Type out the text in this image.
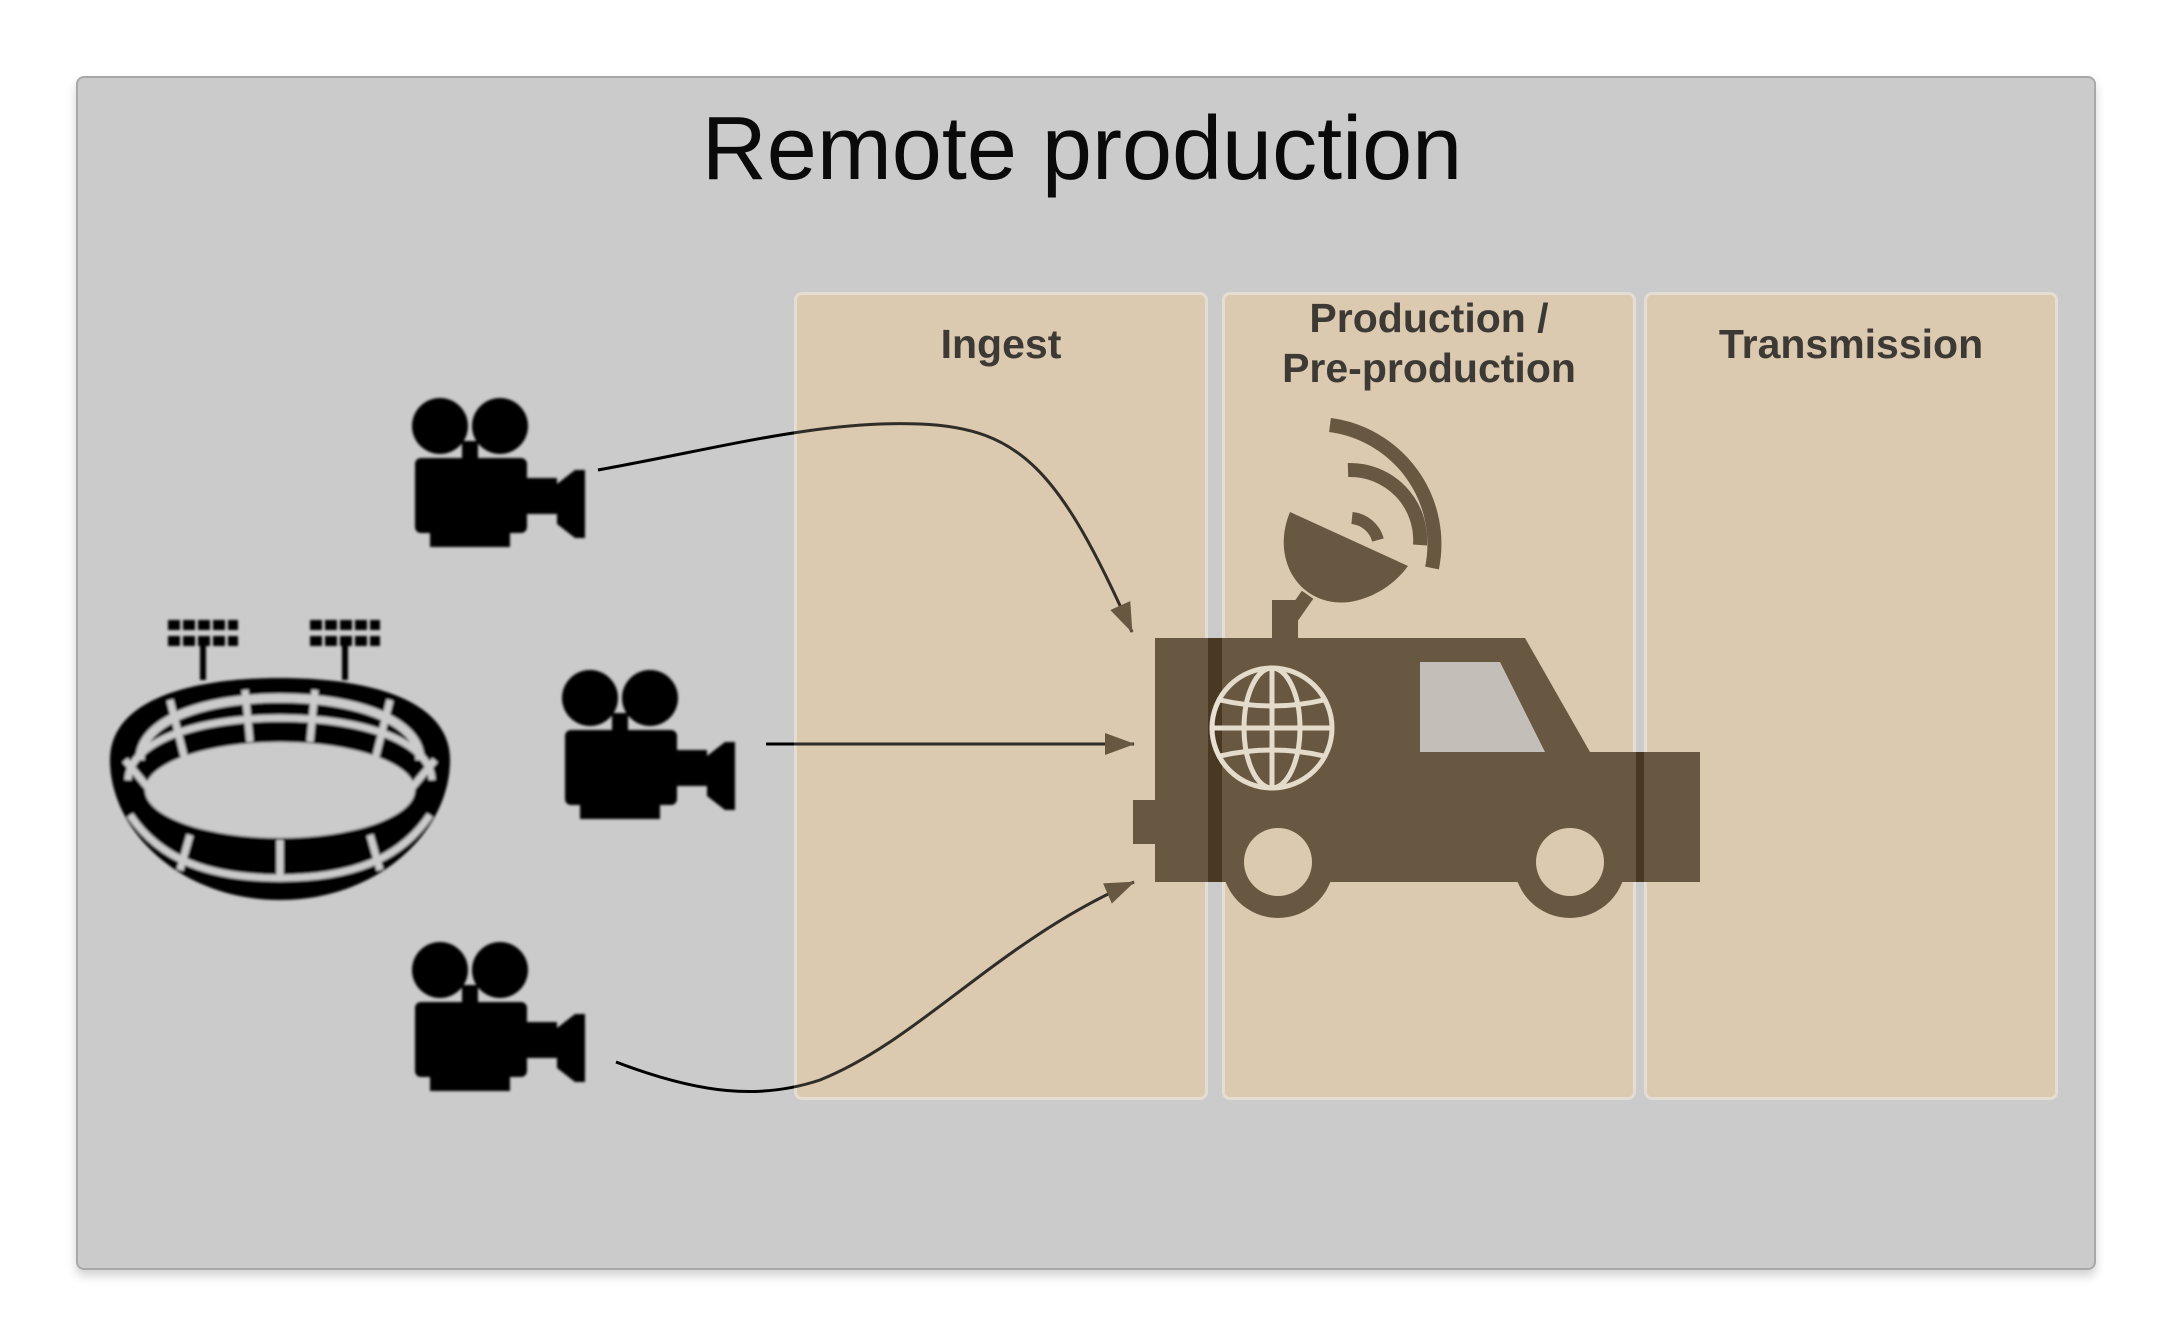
Remote production
Ingest
Production /
Pre-production
Transmission
